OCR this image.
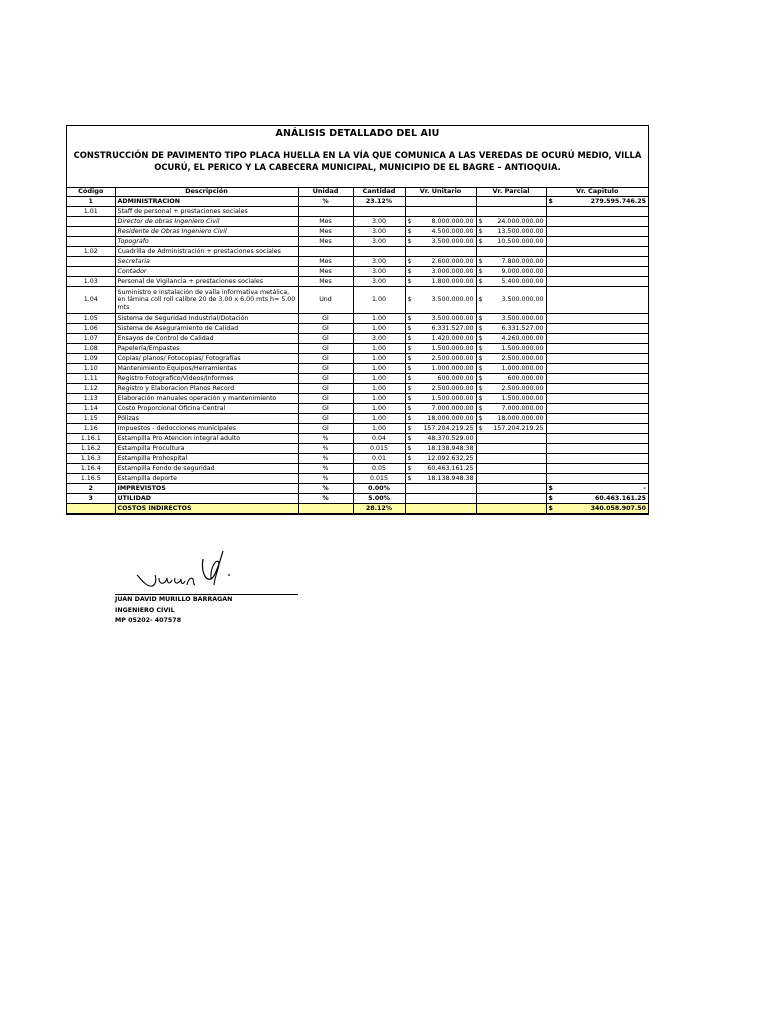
ANÁLISIS DETALLADO DEL AIU
CONSTRUCCIÓN DE PAVIMENTO TIPO PLACA HUELLA EN LA VÍA QUE COMUNICA A LAS VEREDAS DE OCURÚ MEDIO, VILLA OCURÚ, EL PERICO Y LA CABECERA MUNICIPAL, MUNICIPIO DE EL BAGRE – ANTIOQUIA.
Código	Descripción	Unidad	Cantidad	Vr. Unitario	Vr. Parcial	Vr. Capitulo
1	ADMINISTRACION	%	23.12%			$ 279.595.746.25

1.01	Staff de personal + prestaciones sociales					
	Director de obras Ingeniero Civil	Mes	3.00	$ 8.000.000.00	$ 24.000.000.00	

	Residente de Obras Ingeniero Civil	Mes	3.00	$ 4.500.000.00	$ 13.500.000.00	

	Topografo	Mes	3.00	$ 3.500.000.00	$ 10.500.000.00	

1.02	Cuadrilla de Administración + prestaciones sociales					
	Secretaria	Mes	3.00	$ 2.600.000.00	$ 7.800.000.00	

	Contador	Mes	3.00	$ 3.000.000.00	$ 9.000.000.00	

1.03	Personal de Vigilancia + prestaciones sociales	Mes	3.00	$ 1.800.000.00	$ 5.400.000.00	

1.04	Suministro e instalación de valla informativa metálica, en lámina coll roll calibre 20 de 3.00 x 6.00 mts h= 5.00 mts	Und	1.00	$ 3.500.000.00	$ 3.500.000.00	

1.05	Sistema de Seguridad Industrial/Dotación	Gl	1.00	$ 3.500.000.00	$ 3.500.000.00	

1.06	Sistema de Aseguramiento de Calidad	Gl	1.00	$ 6.331.527.00	$ 6.331.527.00	

1.07	Ensayos de Control de Calidad	Gl	3.00	$ 1.420.000.00	$ 4.260.000.00	

1.08	Papelería/Empastes	Gl	1.00	$ 1.500.000.00	$ 1.500.000.00	

1.09	Copias/ planos/ Fotocopias/ Fotografías	Gl	1.00	$ 2.500.000.00	$ 2.500.000.00	

1.10	Mantenimiento Equipos/Herramientas	Gl	1.00	$ 1.000.000.00	$ 1.000.000.00	

1.11	Registro Fotografico/Videos/Informes	Gl	1.00	$ 600.000.00	$ 600.000.00	

1.12	Registro y Elaboracion Planos Record	Gl	1.00	$ 2.500.000.00	$ 2.500.000.00	

1.13	Elaboración manuales operación y mantenimiento	Gl	1.00	$ 1.500.000.00	$ 1.500.000.00	

1.14	Costo Proporcional Oficina Central	Gl	1.00	$ 7.000.000.00	$ 7.000.000.00	

1.15	Pólizas	Gl	1.00	$ 18.000.000.00	$ 18.000.000.00	

1.16	Impuestos - deducciones municipales	Gl	1.00	$ 157.204.219.25	$ 157.204.219.25	

1.16.1	Estampilla Pro Atencion integral adulto	%	0.04	$ 48.370.529.00		

1.16.2	Estampilla Procultura	%	0.015	$ 18.138.948.38		

1.16.3	Estampilla Prohospital	%	0.01	$ 12.092.632.25		

1.16.4	Estampilla Fondo de seguridad	%	0.05	$ 60.463.161.25		

1.16.5	Estampilla deporte	%	0.015	$ 18.138.948.38		

2	IMPREVISTOS	%	0.00%			$ -

3	UTILIDAD	%	5.00%			$ 60.463.161.25

	COSTOS INDIRECTOS		28.12%			$ 340.058.907.50
JUAN DAVID MURILLO BARRAGAN
INGENIERO CIVIL
MP 05202- 407578
